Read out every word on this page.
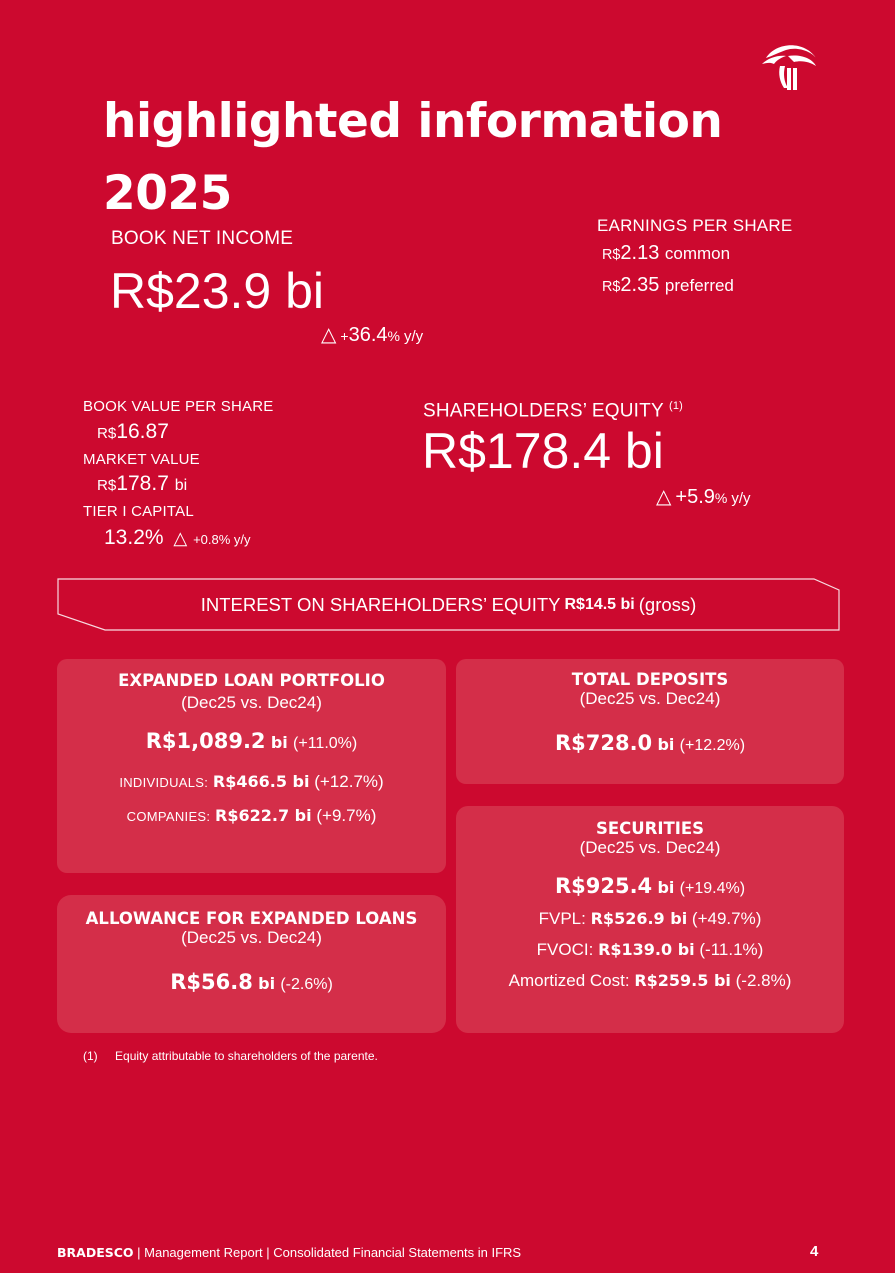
highlighted information
2025
BOOK NET INCOME
R$23.9 bi
△ +36.4% y/y
EARNINGS PER SHARE
R$2.13 common
R$2.35 preferred
BOOK VALUE PER SHARE
R$16.87
MARKET VALUE
R$178.7 bi
TIER I CAPITAL
13.2% △ +0.8% y/y
SHAREHOLDERS’ EQUITY $^{(1)}$
R$178.4 bi
△ +5.9% y/y
INTEREST ON SHAREHOLDERS’ EQUITY R$14.5 bi (gross)
EXPANDED LOAN PORTFOLIO
(Dec25 vs. Dec24)
R$1,089.2 bi (+11.0%)
INDIVIDUALS: R$466.5 bi (+12.7%)
COMPANIES: R$622.7 bi (+9.7%)
TOTAL DEPOSITS
(Dec25 vs. Dec24)
R$728.0 bi (+12.2%)
ALLOWANCE FOR EXPANDED LOANS
(Dec25 vs. Dec24)
R$56.8 bi (-2.6%)
SECURITIES
(Dec25 vs. Dec24)
R$925.4 bi (+19.4%)
FVPL: R$526.9 bi (+49.7%)
FVOCI: R$139.0 bi (-11.1%)
Amortized Cost: R$259.5 bi (-2.8%)
(1) Equity attributable to shareholders of the parente.
BRADESCO | Management Report | Consolidated Financial Statements in IFRS	4
